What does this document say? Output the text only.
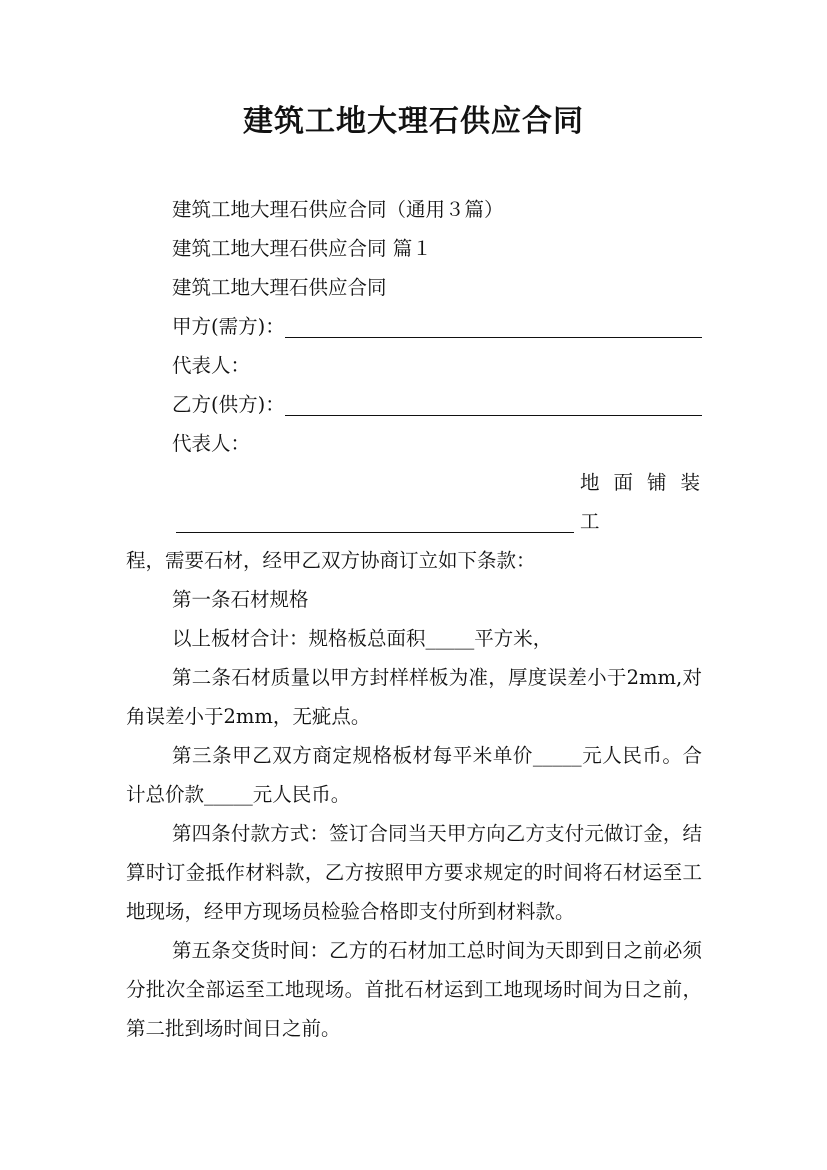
建筑工地大理石供应合同

建筑工地大理石供应合同（通用３篇）

建筑工地大理石供应合同 篇１

建筑工地大理石供应合同

甲方(需方)：

代表人：

乙方(供方)：

代表人：

地面铺装工

程，需要石材，经甲乙双方协商订立如下条款：

第一条石材规格

以上板材合计：规格板总面积_____平方米，

第二条石材质量以甲方封样样板为准，厚度误差小于2mm,对角误差小于2mm，无疵点。

第三条甲乙双方商定规格板材每平米单价_____元人民币。合计总价款_____元人民币。

第四条付款方式：签订合同当天甲方向乙方支付元做订金，结算时订金抵作材料款，乙方按照甲方要求规定的时间将石材运至工地现场，经甲方现场员检验合格即支付所到材料款。

第五条交货时间：乙方的石材加工总时间为天即到日之前必须分批次全部运至工地现场。首批石材运到工地现场时间为日之前，第二批到场时间日之前。
